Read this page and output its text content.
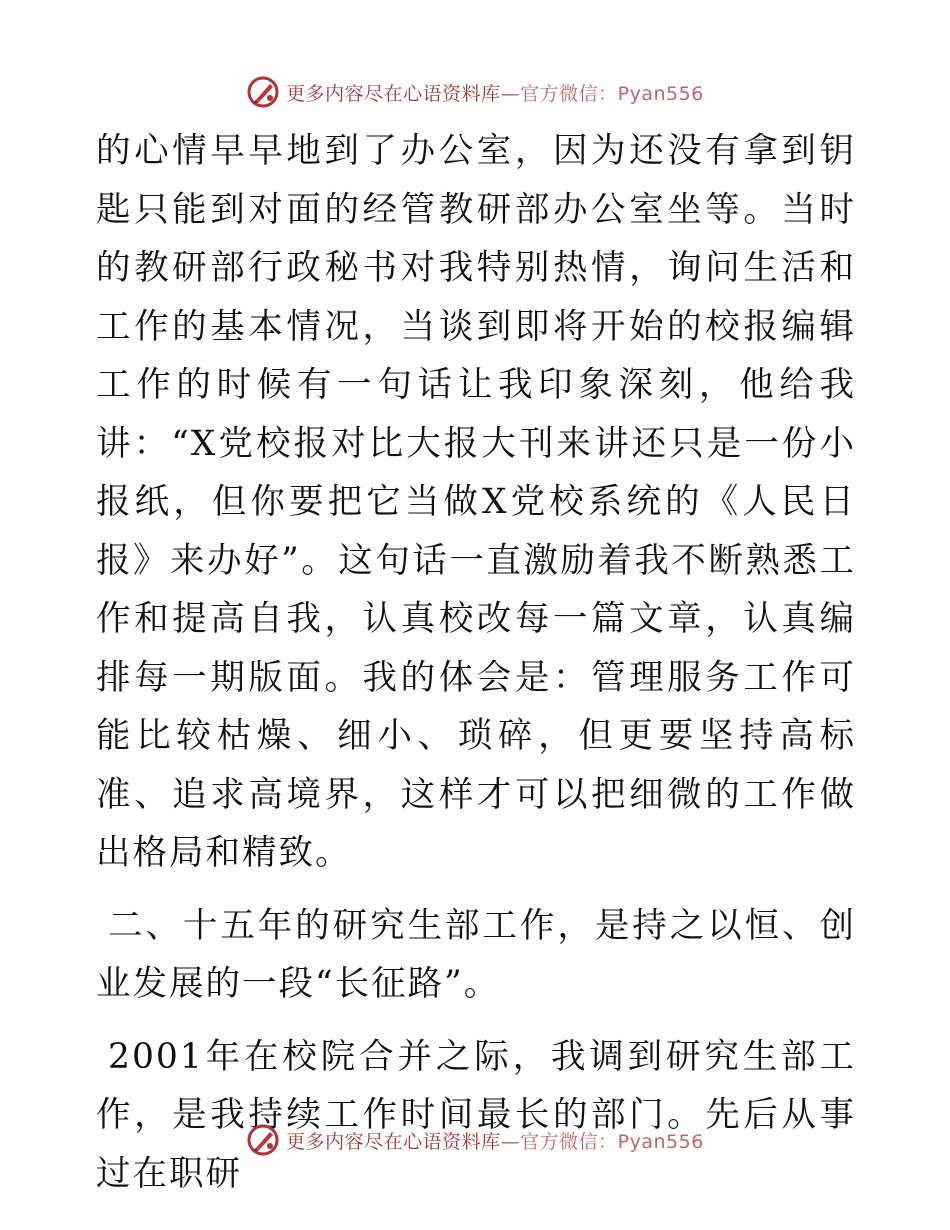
更多内容尽在心语资料库—官方微信：Pyan556

的心情早早地到了办公室，因为还没有拿到钥匙只能到对面的经管教研部办公室坐等。当时的教研部行政秘书对我特别热情，询问生活和工作的基本情况，当谈到即将开始的校报编辑工作的时候有一句话让我印象深刻，他给我讲：“X党校报对比大报大刊来讲还只是一份小报纸，但你要把它当做X党校系统的《人民日报》来办好”。这句话一直激励着我不断熟悉工作和提高自我，认真校改每一篇文章，认真编排每一期版面。我的体会是：管理服务工作可能比较枯燥、细小、琐碎，但更要坚持高标准、追求高境界，这样才可以把细微的工作做出格局和精致。

二、十五年的研究生部工作，是持之以恒、创业发展的一段“长征路”。

2001年在校院合并之际，我调到研究生部工作，是我持续工作时间最长的部门。先后从事过在职研

更多内容尽在心语资料库—官方微信：Pyan556
